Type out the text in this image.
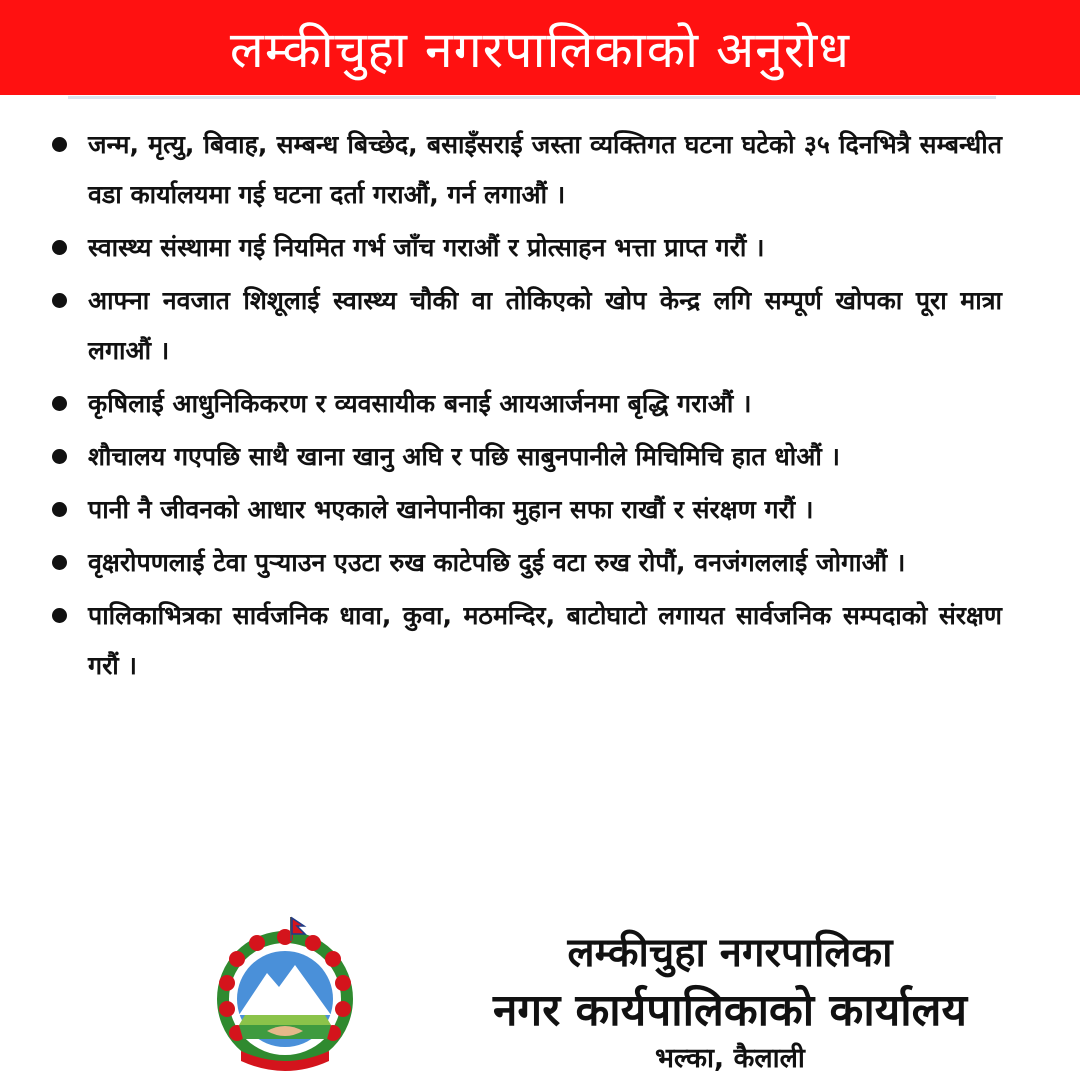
लम्कीचुहा नगरपालिकाको अनुरोध
जन्म, मृत्यु, बिवाह, सम्बन्ध बिच्छेद, बसाइँसराई जस्ता व्यक्तिगत घटना घटेको ३५ दिनभित्रै सम्बन्धीत वडा कार्यालयमा गई घटना दर्ता गराऔं, गर्न लगाऔं ।
स्वास्थ्य संस्थामा गई नियमित गर्भ जाँच गराऔं र प्रोत्साहन भत्ता प्राप्त गरौं ।
आफ्ना नवजात शिशूलाई स्वास्थ्य चौकी वा तोकिएको खोप केन्द्र लगि सम्पूर्ण खोपका पूरा मात्रा लगाऔं ।
कृषिलाई आधुनिकिकरण र व्यवसायीक बनाई आयआर्जनमा बृद्धि गराऔं ।
शौचालय गएपछि साथै खाना खानु अघि र पछि साबुनपानीले मिचिमिचि हात धोऔं ।
पानी नै जीवनको आधार भएकाले खानेपानीका मुहान सफा राखौं र संरक्षण गरौं ।
वृक्षरोपणलाई टेवा पुऱ्याउन एउटा रुख काटेपछि दुई वटा रुख रोपौं, वनजंगललाई जोगाऔं ।
पालिकाभित्रका सार्वजनिक धावा, कुवा, मठमन्दिर, बाटोघाटो लगायत सार्वजनिक सम्पदाको संरक्षण गरौं ।
लम्कीचुहा नगरपालिका
नगर कार्यपालिकाको कार्यालय
भल्का, कैलाली
